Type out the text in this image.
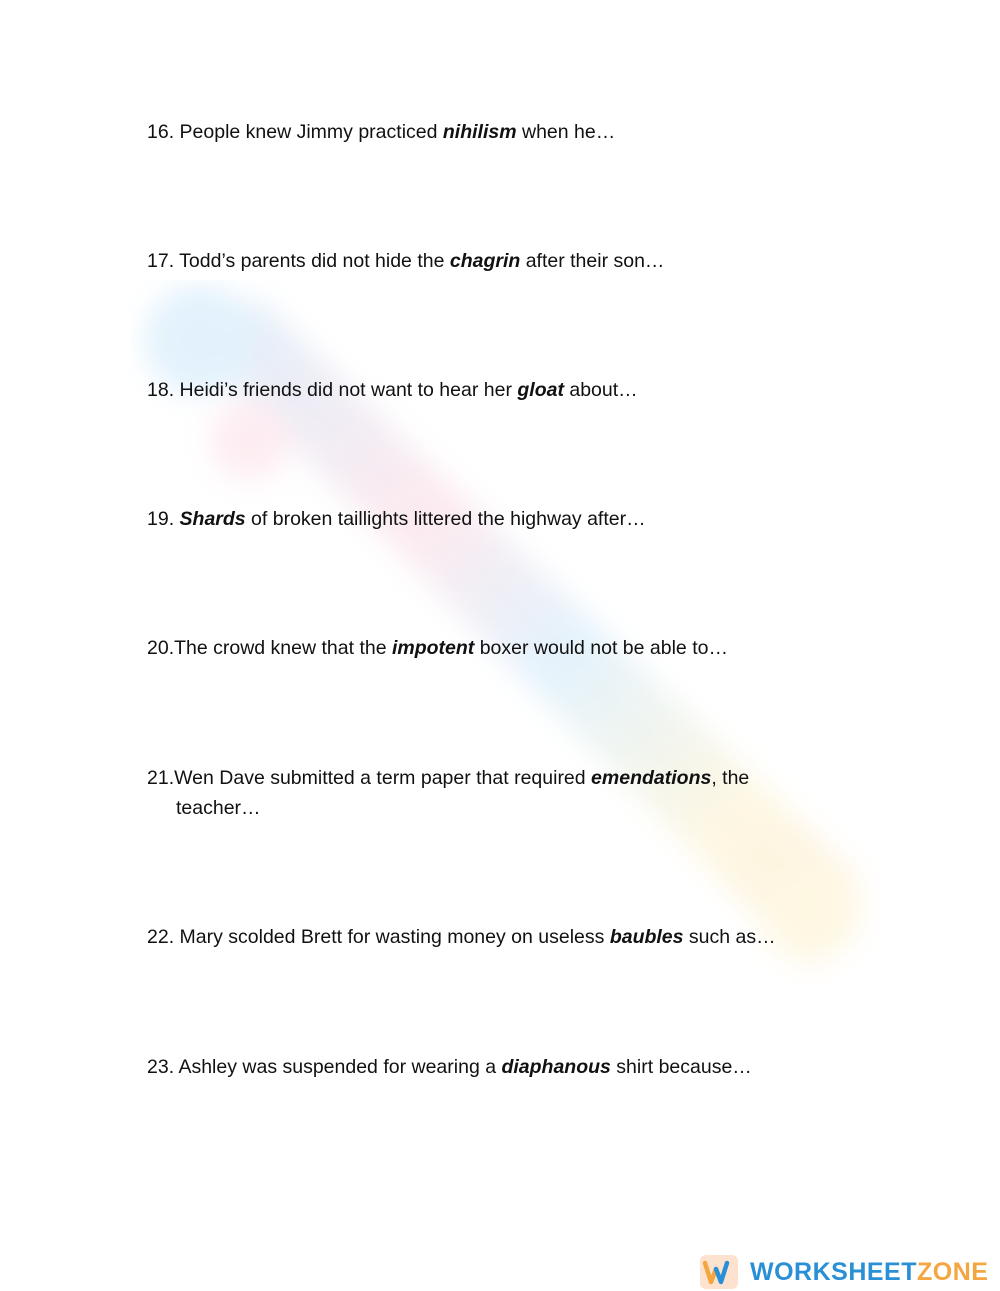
16. People knew Jimmy practiced nihilism when he…
17. Todd’s parents did not hide the chagrin after their son…
18. Heidi’s friends did not want to hear her gloat about…
19. Shards of broken taillights littered the highway after…
20.The crowd knew that the impotent boxer would not be able to…
21.Wen Dave submitted a term paper that required emendations, the
teacher…
22. Mary scolded Brett for wasting money on useless baubles such as…
23. Ashley was suspended for wearing a diaphanous shirt because…
WORKSHEETZONE
